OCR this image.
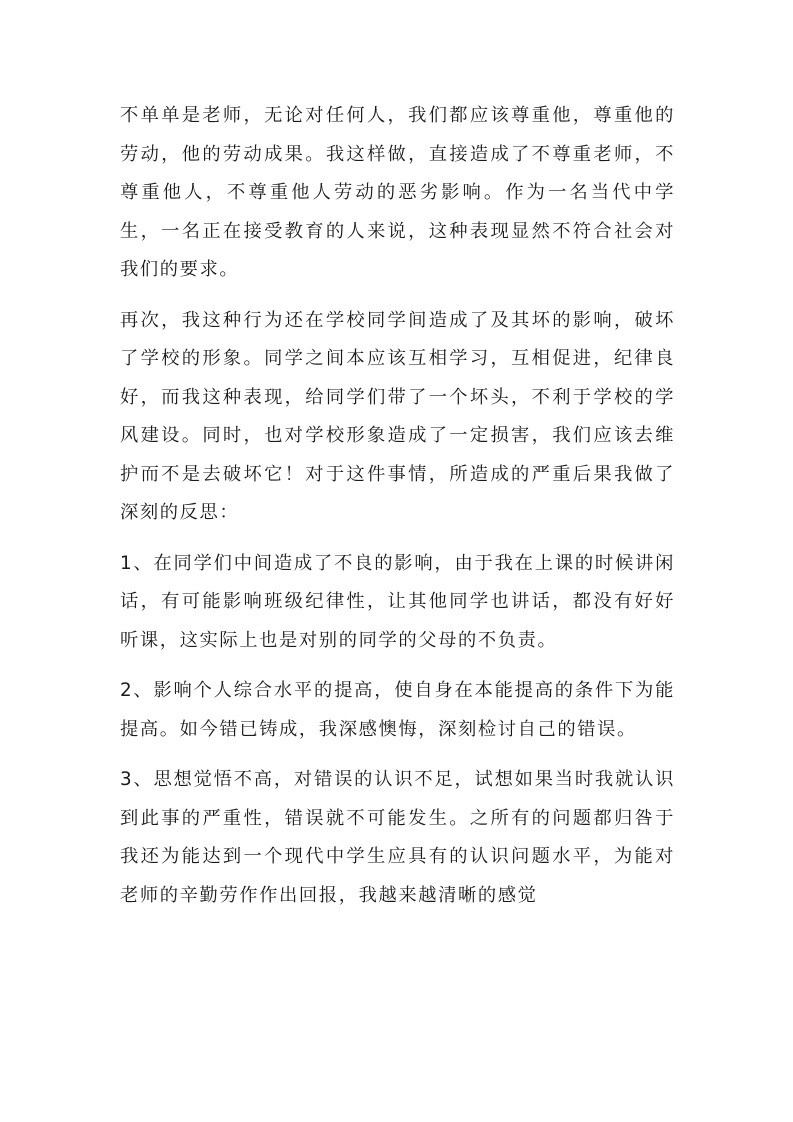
不单单是老师，无论对任何人，我们都应该尊重他，尊重他的劳动，他的劳动成果。我这样做，直接造成了不尊重老师，不尊重他人，不尊重他人劳动的恶劣影响。作为一名当代中学生，一名正在接受教育的人来说，这种表现显然不符合社会对我们的要求。

再次，我这种行为还在学校同学间造成了及其坏的影响，破坏了学校的形象。同学之间本应该互相学习，互相促进，纪律良好，而我这种表现，给同学们带了一个坏头，不利于学校的学风建设。同时，也对学校形象造成了一定损害，我们应该去维护而不是去破坏它！对于这件事情，所造成的严重后果我做了深刻的反思：

1、在同学们中间造成了不良的影响，由于我在上课的时候讲闲话，有可能影响班级纪律性，让其他同学也讲话，都没有好好听课，这实际上也是对别的同学的父母的不负责。

2、影响个人综合水平的提高，使自身在本能提高的条件下为能提高。如今错已铸成，我深感懊悔，深刻检讨自己的错误。

3、思想觉悟不高，对错误的认识不足，试想如果当时我就认识到此事的严重性，错误就不可能发生。之所有的问题都归咎于我还为能达到一个现代中学生应具有的认识问题水平，为能对老师的辛勤劳作作出回报，我越来越清晰的感觉
